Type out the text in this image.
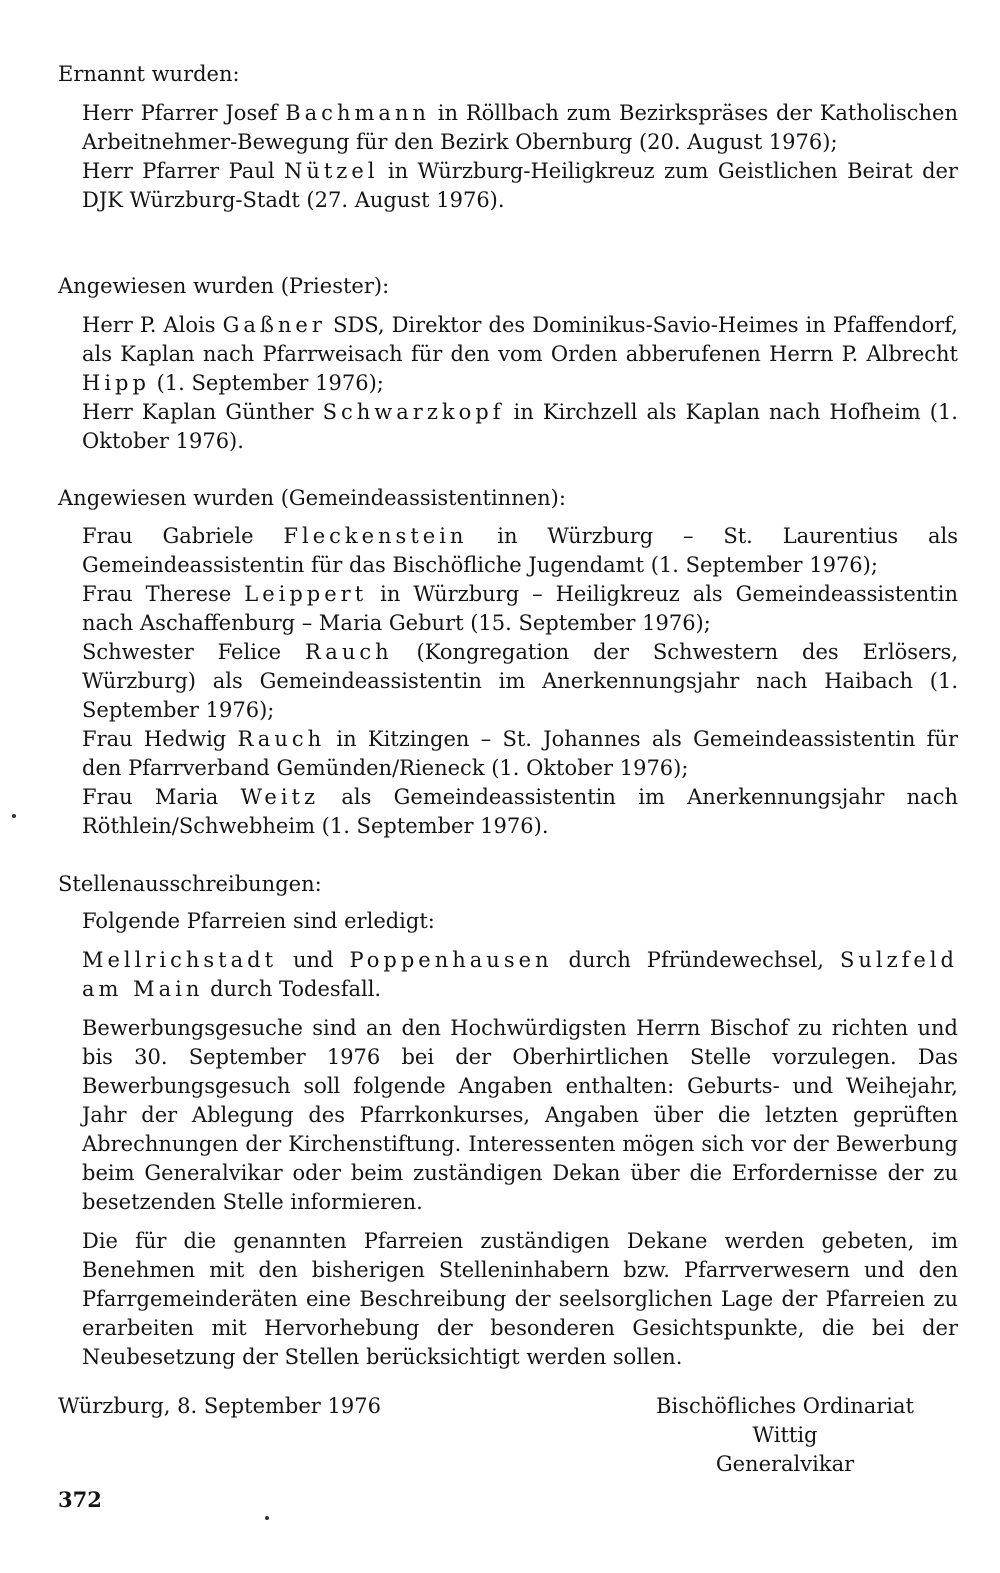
Ernannt wurden:

Herr Pfarrer Josef Bachmann in Röllbach zum Bezirkspräses der Katholischen Arbeitnehmer-Bewegung für den Bezirk Obernburg (20. August 1976);

Herr Pfarrer Paul Nützel in Würzburg-Heiligkreuz zum Geistlichen Beirat der DJK Würzburg-Stadt (27. August 1976).

Angewiesen wurden (Priester):

Herr P. Alois Gaßner SDS, Direktor des Dominikus-Savio-Heimes in Pfaffendorf, als Kaplan nach Pfarrweisach für den vom Orden abberufenen Herrn P. Albrecht Hipp (1. September 1976);

Herr Kaplan Günther Schwarzkopf in Kirchzell als Kaplan nach Hofheim (1. Oktober 1976).

Angewiesen wurden (Gemeindeassistentinnen):

Frau Gabriele Fleckenstein in Würzburg – St. Laurentius als Gemeindeassistentin für das Bischöfliche Jugendamt (1. September 1976);

Frau Therese Leippert in Würzburg – Heiligkreuz als Gemeindeassistentin nach Aschaffenburg – Maria Geburt (15. September 1976);

Schwester Felice Rauch (Kongregation der Schwestern des Erlösers, Würzburg) als Gemeindeassistentin im Anerkennungsjahr nach Haibach (1. September 1976);

Frau Hedwig Rauch in Kitzingen – St. Johannes als Gemeindeassistentin für den Pfarrverband Gemünden/Rieneck (1. Oktober 1976);

Frau Maria Weitz als Gemeindeassistentin im Anerkennungsjahr nach Röthlein/Schwebheim (1. September 1976).

Stellenausschreibungen:

Folgende Pfarreien sind erledigt:

Mellrichstadt und Poppenhausen durch Pfründewechsel, Sulzfeld am Main durch Todesfall.

Bewerbungsgesuche sind an den Hochwürdigsten Herrn Bischof zu richten und bis 30. September 1976 bei der Oberhirtlichen Stelle vorzulegen. Das Bewerbungsgesuch soll folgende Angaben enthalten: Geburts- und Weihejahr, Jahr der Ablegung des Pfarrkonkurses, Angaben über die letzten geprüften Abrechnungen der Kirchenstiftung. Interessenten mögen sich vor der Bewerbung beim Generalvikar oder beim zuständigen Dekan über die Erfordernisse der zu besetzenden Stelle informieren.

Die für die genannten Pfarreien zuständigen Dekane werden gebeten, im Benehmen mit den bisherigen Stelleninhabern bzw. Pfarrverwesern und den Pfarrgemeinderäten eine Beschreibung der seelsorglichen Lage der Pfarreien zu erarbeiten mit Hervorhebung der besonderen Gesichtspunkte, die bei der Neubesetzung der Stellen berücksichtigt werden sollen.

Würzburg, 8. September 1976	Bischöfliches Ordinariat
Wittig
Generalvikar
372
